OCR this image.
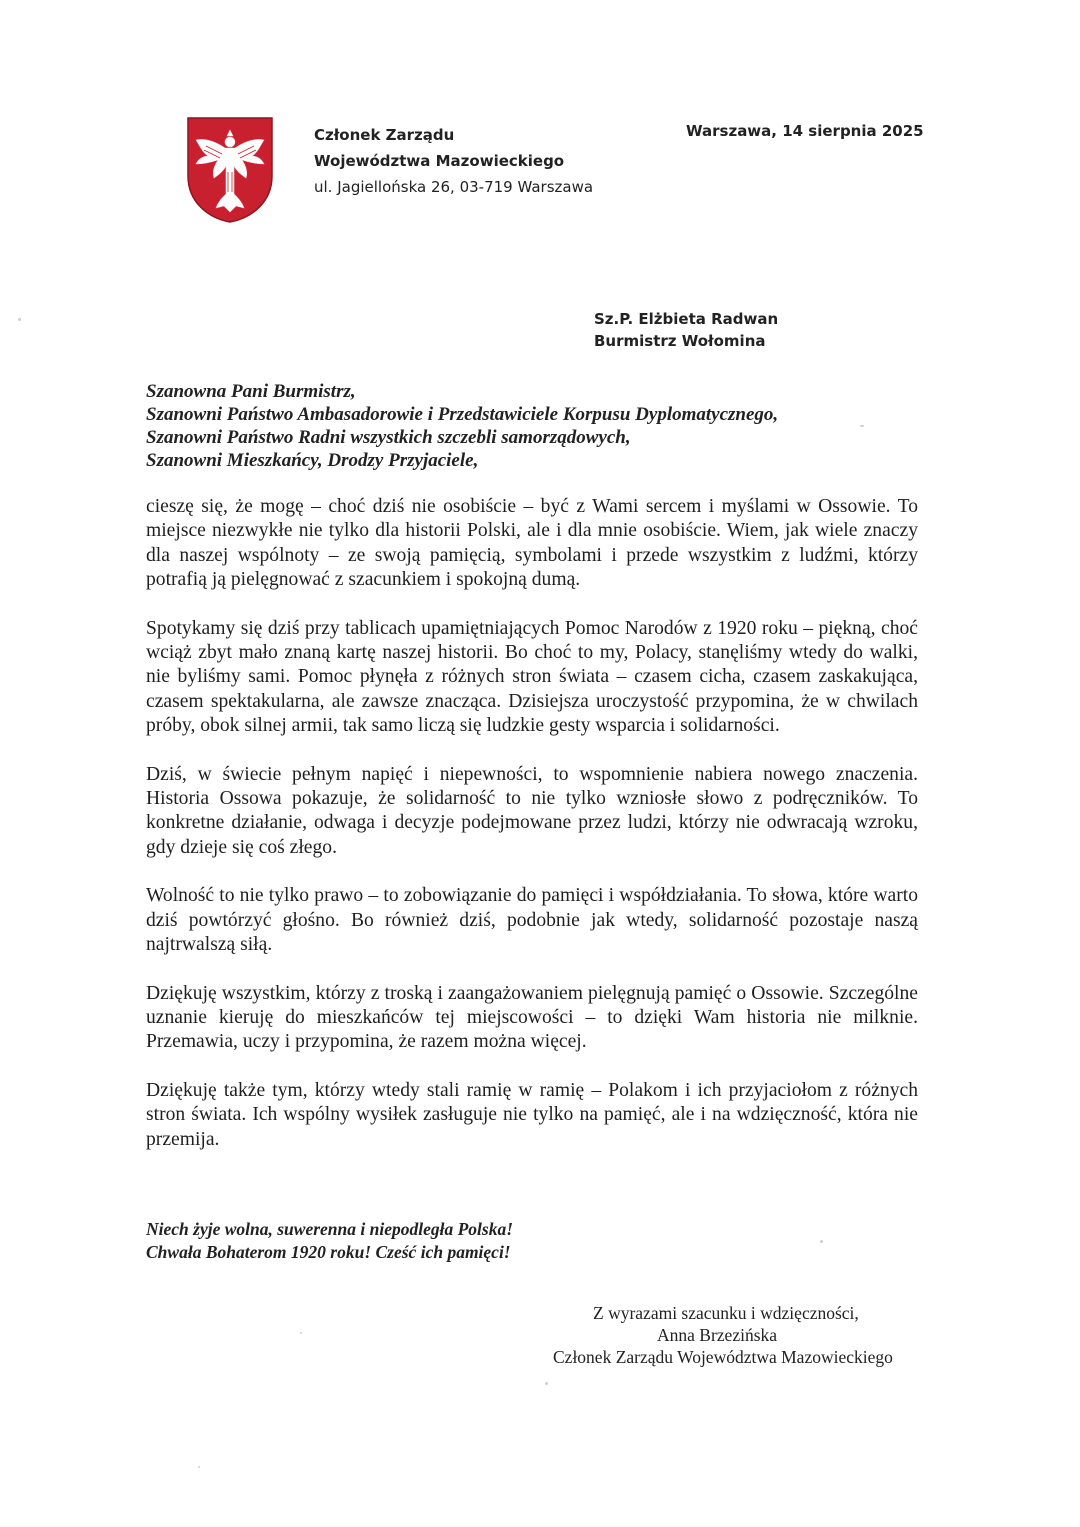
Członek Zarządu
Województwa Mazowieckiego
ul. Jagiellońska 26, 03-719 Warszawa
Warszawa, 14 sierpnia 2025
Sz.P. Elżbieta Radwan
Burmistrz Wołomina
Szanowna Pani Burmistrz,
Szanowni Państwo Ambasadorowie i Przedstawiciele Korpusu Dyplomatycznego,
Szanowni Państwo Radni wszystkich szczebli samorządowych,
Szanowni Mieszkańcy, Drodzy Przyjaciele,

cieszę się, że mogę – choć dziś nie osobiście – być z Wami sercem i myślami w Ossowie. To miejsce niezwykłe nie tylko dla historii Polski, ale i dla mnie osobiście. Wiem, jak wiele znaczy dla naszej wspólnoty – ze swoją pamięcią, symbolami i przede wszystkim z ludźmi, którzy potrafią ją pielęgnować z szacunkiem i spokojną dumą.

Spotykamy się dziś przy tablicach upamiętniających Pomoc Narodów z 1920 roku – piękną, choć wciąż zbyt mało znaną kartę naszej historii. Bo choć to my, Polacy, stanęliśmy wtedy do walki, nie byliśmy sami. Pomoc płynęła z różnych stron świata – czasem cicha, czasem zaskakująca, czasem spektakularna, ale zawsze znacząca. Dzisiejsza uroczystość przypomina, że w chwilach próby, obok silnej armii, tak samo liczą się ludzkie gesty wsparcia i solidarności.

Dziś, w świecie pełnym napięć i niepewności, to wspomnienie nabiera nowego znaczenia. Historia Ossowa pokazuje, że solidarność to nie tylko wzniosłe słowo z podręczników. To konkretne działanie, odwaga i decyzje podejmowane przez ludzi, którzy nie odwracają wzroku, gdy dzieje się coś złego.

Wolność to nie tylko prawo – to zobowiązanie do pamięci i współdziałania. To słowa, które warto dziś powtórzyć głośno. Bo również dziś, podobnie jak wtedy, solidarność pozostaje naszą najtrwalszą siłą.

Dziękuję wszystkim, którzy z troską i zaangażowaniem pielęgnują pamięć o Ossowie. Szczególne uznanie kieruję do mieszkańców tej miejscowości – to dzięki Wam historia nie milknie. Przemawia, uczy i przypomina, że razem można więcej.

Dziękuję także tym, którzy wtedy stali ramię w ramię – Polakom i ich przyjaciołom z różnych stron świata. Ich wspólny wysiłek zasługuje nie tylko na pamięć, ale i na wdzięczność, która nie przemija.

Niech żyje wolna, suwerenna i niepodległa Polska!
Chwała Bohaterom 1920 roku! Cześć ich pamięci!
Z wyrazami szacunku i wdzięczności,
Anna Brzezińska
Członek Zarządu Województwa Mazowieckiego
